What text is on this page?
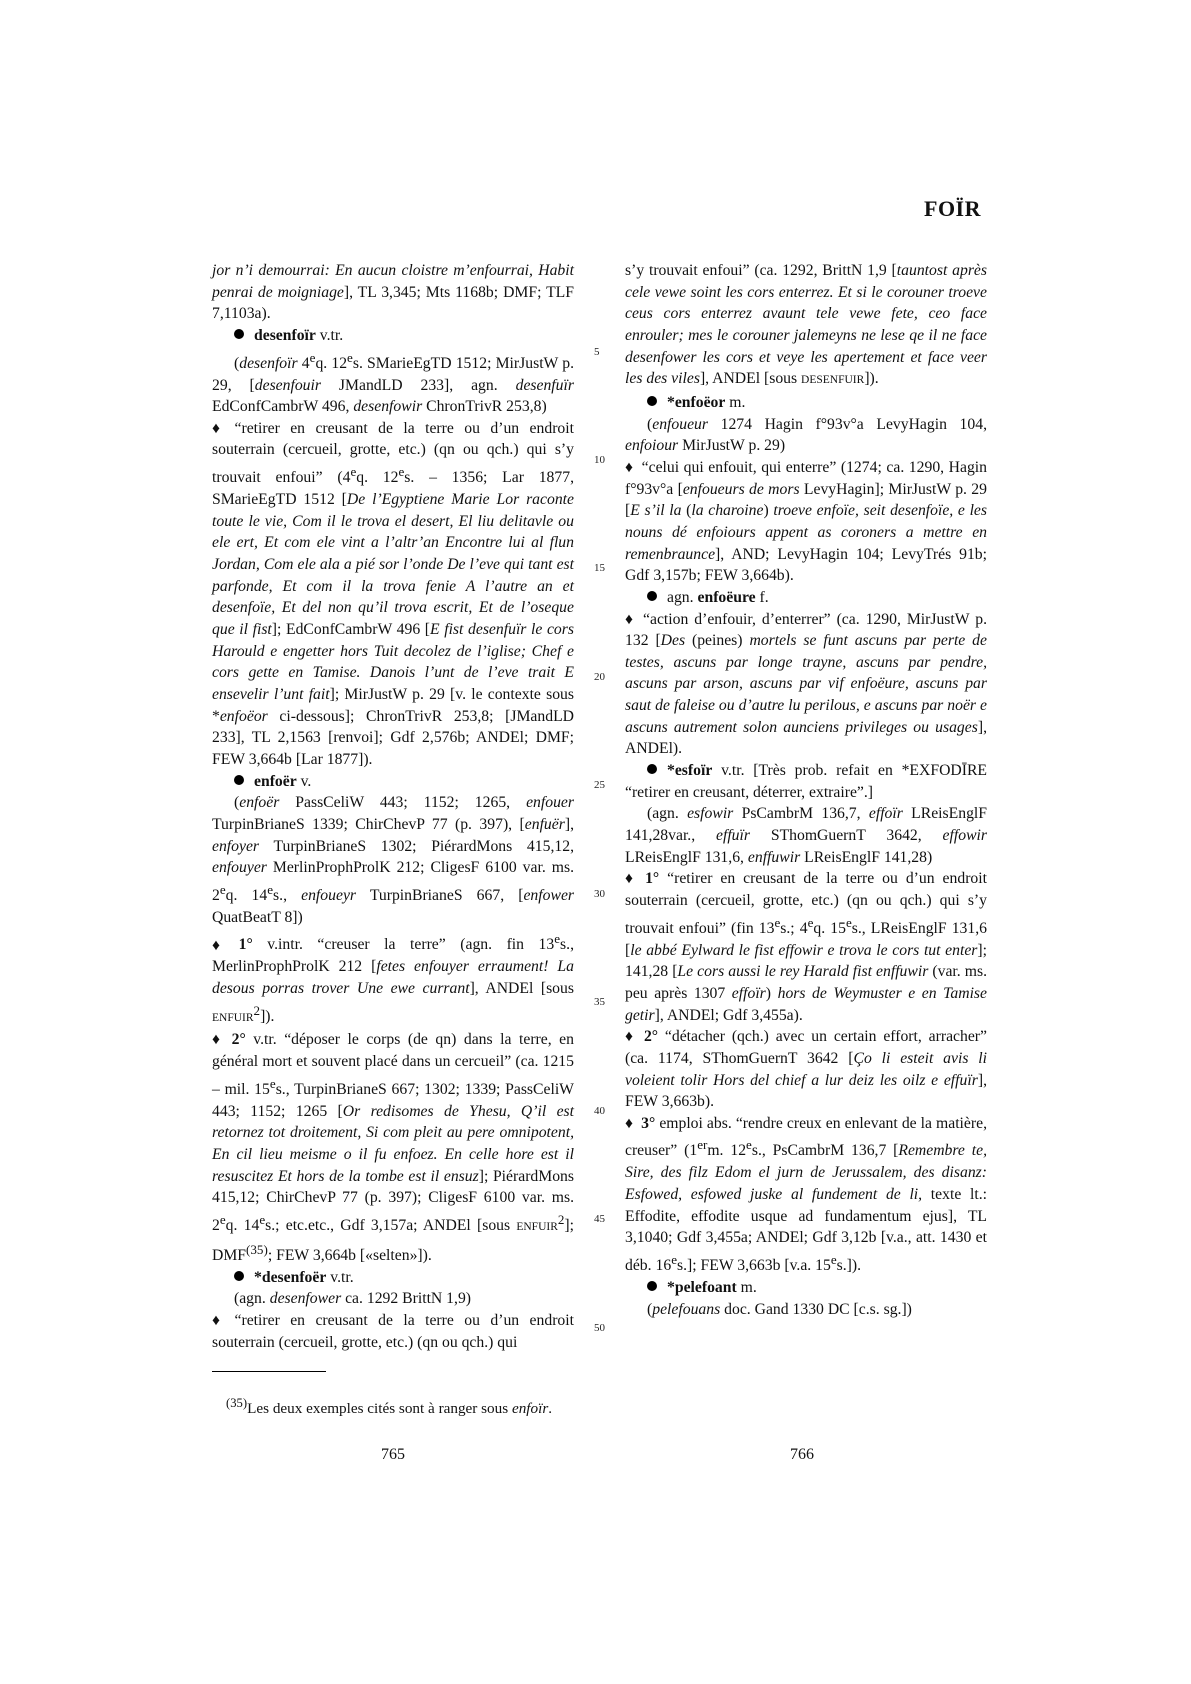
FOÏR

jor n’i demourrai: En aucun cloistre m’enfourrai, Habit penrai de moigniage], TL 3,345; Mts 1168b; DMF; TLF 7,1103a).

desenfoïr v.tr.

(desenfoïr 4eq. 12es. SMarieEgTD 1512; MirJustW p. 29, [desenfouir JMandLD 233], agn. desenfuïr EdConfCambrW 496, desenfowir ChronTrivR 253,8)

♦ “retirer en creusant de la terre ou d’un endroit souterrain (cercueil, grotte, etc.) (qn ou qch.) qui s’y trouvait enfoui” (4eq. 12es. – 1356; Lar 1877, SMarieEgTD 1512 [De l’Egyptiene Marie Lor raconte toute le vie, Com il le trova el desert, El liu delitavle ou ele ert, Et com ele vint a l’altr’an Encontre lui al flun Jordan, Com ele ala a pié sor l’onde De l’eve qui tant est parfonde, Et com il la trova fenie A l’autre an et desenfoïe, Et del non qu’il trova escrit, Et de l’oseque que il fist]; EdConfCambrW 496 [E fist desenfuïr le cors Harould e engetter hors Tuit decolez de l’iglise; Chef e cors gette en Tamise. Danois l’unt de l’eve trait E ensevelir l’unt fait]; MirJustW p. 29 [v. le contexte sous *enfoëor ci-dessous]; ChronTrivR 253,8; [JMandLD 233], TL 2,1563 [renvoi]; Gdf 2,576b; ANDEl; DMF; FEW 3,664b [Lar 1877]).

enfoër v.

(enfoër PassCeliW 443; 1152; 1265, enfouer TurpinBrianeS 1339; ChirChevP 77 (p. 397), [enfuër], enfoyer TurpinBrianeS 1302; PiérardMons 415,12, enfouyer MerlinProphProlK 212; CligesF 6100 var. ms. 2eq. 14es., enfoueyr TurpinBrianeS 667, [enfower QuatBeatT 8])

♦ 1° v.intr. “creuser la terre” (agn. fin 13es., MerlinProphProlK 212 [fetes enfouyer erraument! La desous porras trover Une ewe currant], ANDEl [sous ENFUIR$^2$]).

♦ 2° v.tr. “déposer le corps (de qn) dans la terre, en général mort et souvent placé dans un cercueil” (ca. 1215 – mil. 15es., TurpinBrianeS 667; 1302; 1339; PassCeliW 443; 1152; 1265 [Or redisomes de Yhesu, Q’il est retornez tot droitement, Si com pleit au pere omnipotent, En cil lieu meisme o il fu enfoez. En celle hore est il resuscitez Et hors de la tombe est il ensuz]; PiérardMons 415,12; ChirChevP 77 (p. 397); CligesF 6100 var. ms. 2eq. 14es.; etc.etc., Gdf 3,157a; ANDEl [sous ENFUIR$^2$]; DMF$^{(35)}$; FEW 3,664b [«selten»]).

*desenfoër v.tr.

(agn. desenfower ca. 1292 BrittN 1,9)

♦ “retirer en creusant de la terre ou d’un endroit souterrain (cercueil, grotte, etc.) (qn ou qch.) qui

5
10
15
20
25
30
35
40
45
50

s’y trouvait enfoui” (ca. 1292, BrittN 1,9 [tauntost après cele vewe soint les cors enterrez. Et si le corouner troeve ceus cors enterrez avaunt tele vewe fete, ceo face enrouler; mes le corouner jalemeyns ne lese qe il ne face desenfower les cors et veye les apertement et face veer les des viles], ANDEl [sous DESENFUIR]).

*enfoëor m.

(enfoueur 1274 Hagin f°93v°a LevyHagin 104, enfoiour MirJustW p. 29)

♦ “celui qui enfouit, qui enterre” (1274; ca. 1290, Hagin f°93v°a [enfoueurs de mors LevyHagin]; MirJustW p. 29 [E s’il la (la charoine) troeve enfoïe, seit desenfoïe, e les nouns dé enfoiours appent as coroners a mettre en remenbraunce], AND; LevyHagin 104; LevyTrés 91b; Gdf 3,157b; FEW 3,664b).

agn. enfoëure f.

♦ “action d’enfouir, d’enterrer” (ca. 1290, MirJustW p. 132 [Des (peines) mortels se funt ascuns par perte de testes, ascuns par longe trayne, ascuns par pendre, ascuns par arson, ascuns par vif enfoëure, ascuns par saut de faleise ou d’autre lu perilous, e ascuns par noër e ascuns autrement solon aunciens privileges ou usages], ANDEl).

*esfoïr v.tr. [Très prob. refait en *EXFODĪRE “retirer en creusant, déterrer, extraire”.]

(agn. esfowir PsCambrM 136,7, effoïr LReisEnglF 141,28var., effuïr SThomGuernT 3642, effowir LReisEnglF 131,6, enffuwir LReisEnglF 141,28)

♦ 1° “retirer en creusant de la terre ou d’un endroit souterrain (cercueil, grotte, etc.) (qn ou qch.) qui s’y trouvait enfoui” (fin 13es.; 4eq. 15es., LReisEnglF 131,6 [le abbé Eylward le fist effowir e trova le cors tut enter]; 141,28 [Le cors aussi le rey Harald fist enffuwir (var. ms. peu après 1307 effoïr) hors de Weymuster e en Tamise getir], ANDEl; Gdf 3,455a).

♦ 2° “détacher (qch.) avec un certain effort, arracher” (ca. 1174, SThomGuernT 3642 [Ço li esteit avis li voleient tolir Hors del chief a lur deiz les oilz e effuïr], FEW 3,663b).

♦ 3° emploi abs. “rendre creux en enlevant de la matière, creuser” (1erm. 12es., PsCambrM 136,7 [Remembre te, Sire, des filz Edom el jurn de Jerussalem, des disanz: Esfowed, esfowed juske al fundement de li, texte lt.: Effodite, effodite usque ad fundamentum ejus], TL 3,1040; Gdf 3,455a; ANDEl; Gdf 3,12b [v.a., att. 1430 et déb. 16es.]; FEW 3,663b [v.a. 15es.]).

*pelefoant m.

(pelefouans doc. Gand 1330 DC [c.s. sg.])

$^{(35)}$Les deux exemples cités sont à ranger sous enfoïr.

765	766
